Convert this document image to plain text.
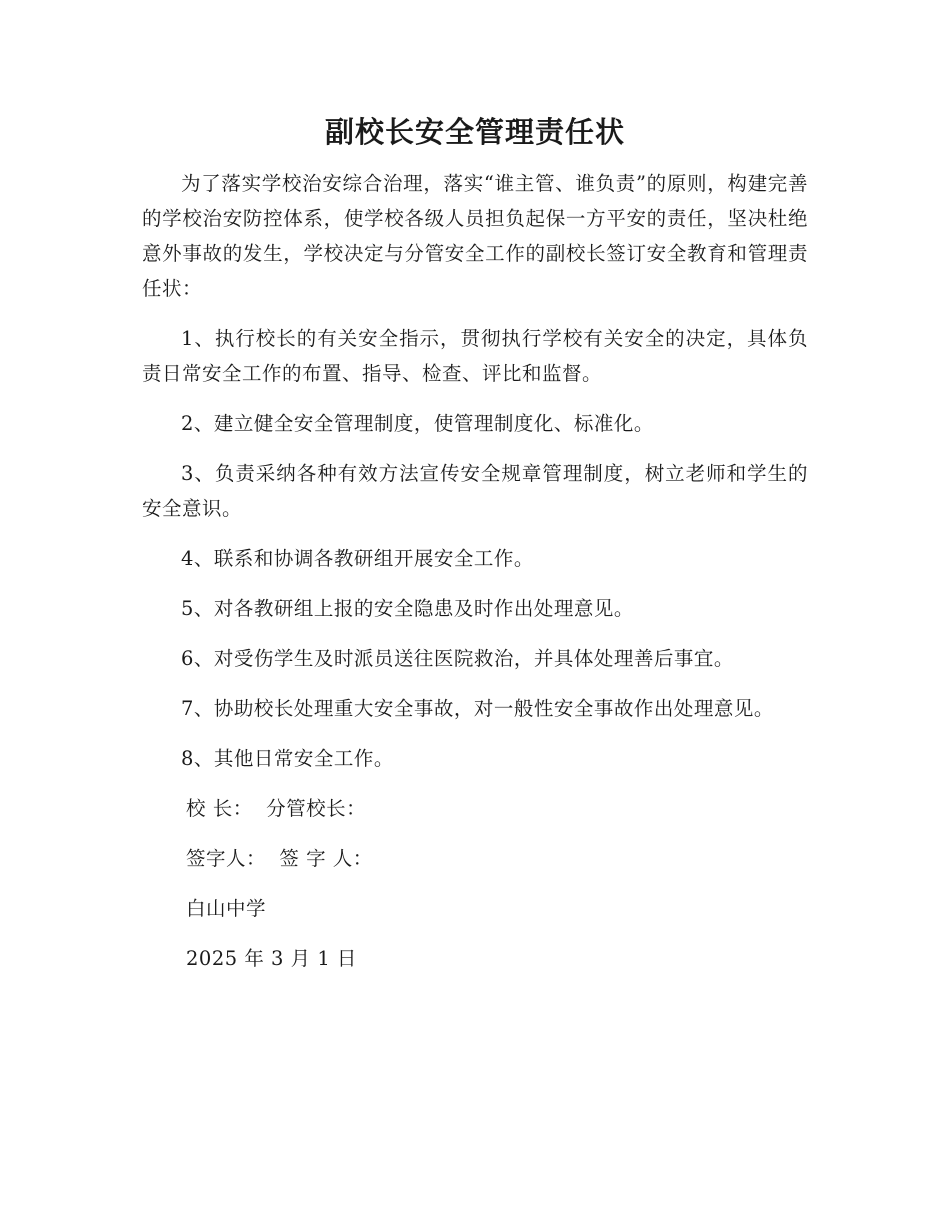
副校长安全管理责任状

为了落实学校治安综合治理，落实“谁主管、谁负责”的原则，构建完善的学校治安防控体系，使学校各级人员担负起保一方平安的责任，坚决杜绝意外事故的发生，学校决定与分管安全工作的副校长签订安全教育和管理责任状：

1、执行校长的有关安全指示，贯彻执行学校有关安全的决定，具体负责日常安全工作的布置、指导、检查、评比和监督。

2、建立健全安全管理制度，使管理制度化、标准化。

3、负责采纳各种有效方法宣传安全规章管理制度，树立老师和学生的安全意识。

4、联系和协调各教研组开展安全工作。

5、对各教研组上报的安全隐患及时作出处理意见。

6、对受伤学生及时派员送往医院救治，并具体处理善后事宜。

7、协助校长处理重大安全事故，对一般性安全事故作出处理意见。

8、其他日常安全工作。

校 长：  分管校长：

签字人：  签 字 人：

白山中学

2025 年 3 月 1 日
